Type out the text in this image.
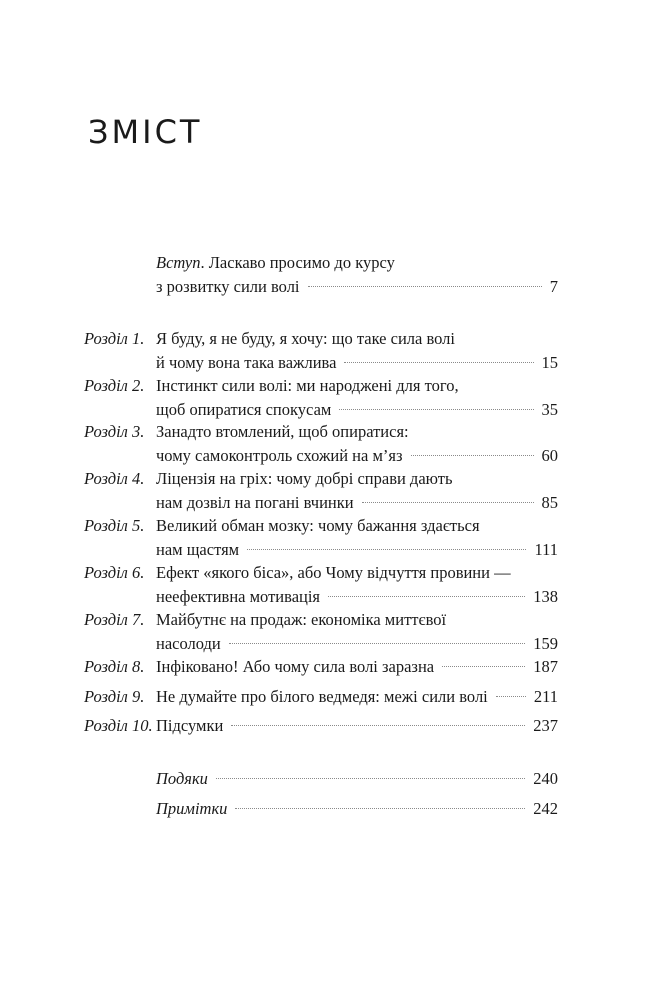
ЗМІСТ
Вступ. Ласкаво просимо до курсу
з розвитку сили волі	7
Розділ 1. Я буду, я не буду, я хочу: що таке сила волі
й чому вона така важлива	15
Розділ 2. Інстинкт сили волі: ми народжені для того,
щоб опиратися спокусам	35
Розділ 3. Занадто втомлений, щоб опиратися:
чому самоконтроль схожий на м’яз	60
Розділ 4. Ліцензія на гріх: чому добрі справи дають
нам дозвіл на погані вчинки	85
Розділ 5. Великий обман мозку: чому бажання здається
нам щастям	111
Розділ 6. Ефект «якого біса», або Чому відчуття провини —
неефективна мотивація	138
Розділ 7. Майбутнє на продаж: економіка миттєвої
насолоди	159
Розділ 8. Інфіковано! Або чому сила волі заразна	187
Розділ 9. Не думайте про білого ведмедя: межі сили волі	211
Розділ 10. Підсумки	237
Подяки	240
Примітки	242
